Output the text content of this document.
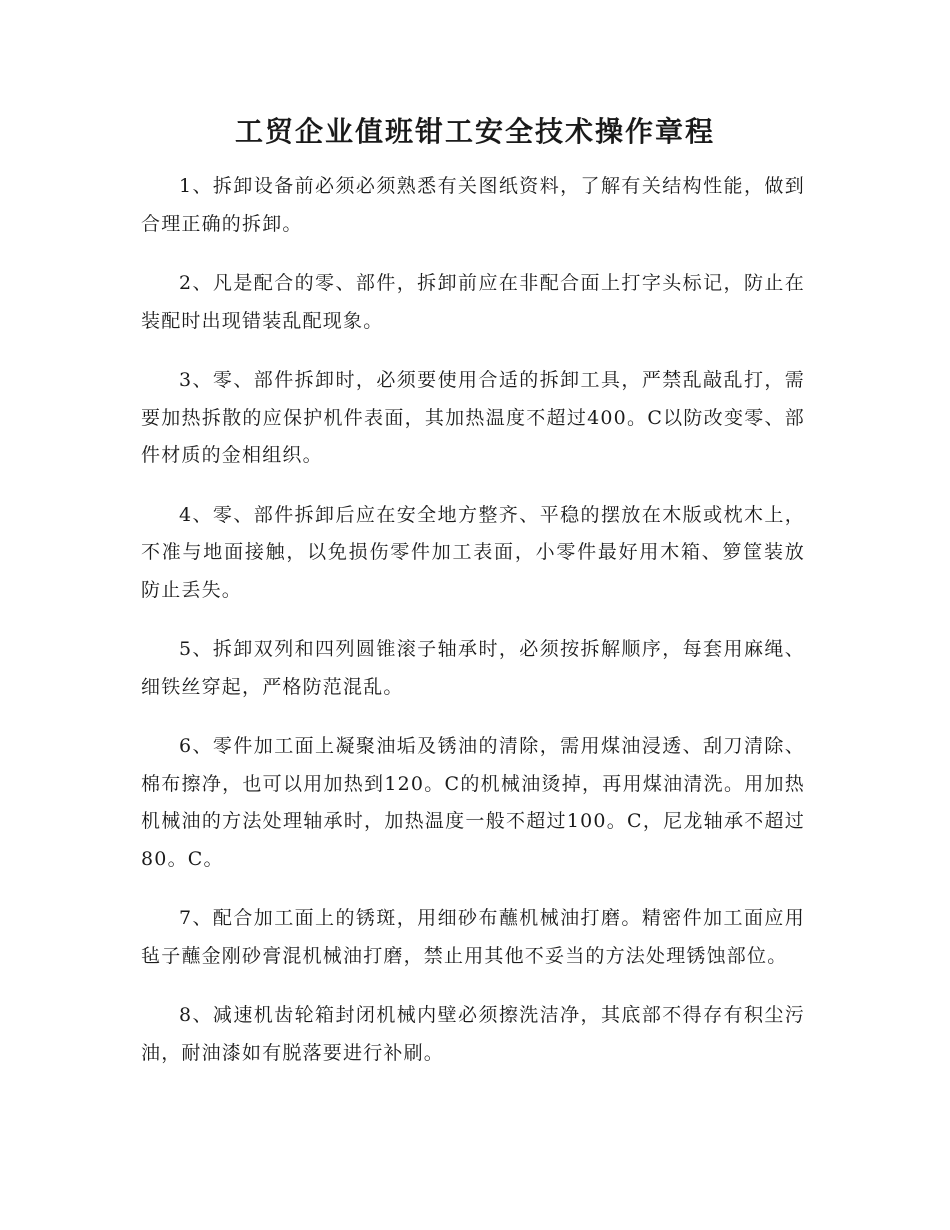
工贸企业值班钳工安全技术操作章程

1、拆卸设备前必须必须熟悉有关图纸资料，了解有关结构性能，做到合理正确的拆卸。

2、凡是配合的零、部件，拆卸前应在非配合面上打字头标记，防止在装配时出现错装乱配现象。

3、零、部件拆卸时，必须要使用合适的拆卸工具，严禁乱敲乱打，需要加热拆散的应保护机件表面，其加热温度不超过400。C以防改变零、部件材质的金相组织。

4、零、部件拆卸后应在安全地方整齐、平稳的摆放在木版或枕木上，不准与地面接触，以免损伤零件加工表面，小零件最好用木箱、箩筐装放防止丢失。

5、拆卸双列和四列圆锥滚子轴承时，必须按拆解顺序，每套用麻绳、细铁丝穿起，严格防范混乱。

6、零件加工面上凝聚油垢及锈油的清除，需用煤油浸透、刮刀清除、棉布擦净，也可以用加热到120。C的机械油烫掉，再用煤油清洗。用加热机械油的方法处理轴承时，加热温度一般不超过100。C，尼龙轴承不超过80。C。

7、配合加工面上的锈斑，用细砂布蘸机械油打磨。精密件加工面应用毡子蘸金刚砂膏混机械油打磨，禁止用其他不妥当的方法处理锈蚀部位。

8、减速机齿轮箱封闭机械内壁必须擦洗洁净，其底部不得存有积尘污油，耐油漆如有脱落要进行补刷。
